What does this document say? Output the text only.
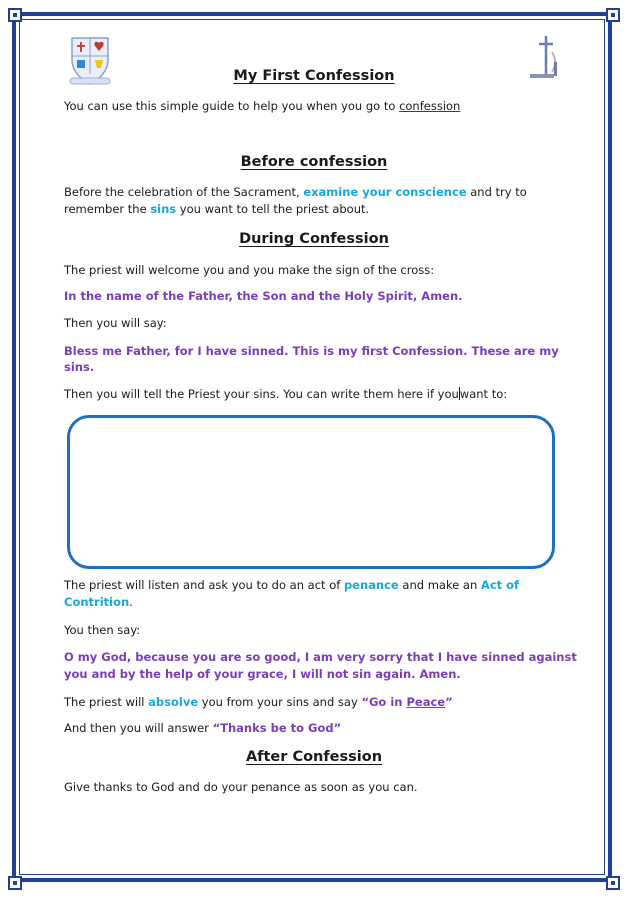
My First Confession
You can use this simple guide to help you when you go to confession
Before confession
Before the celebration of the Sacrament, examine your conscience and try to
remember the sins you want to tell the priest about.
During Confession
The priest will welcome you and you make the sign of the cross:
In the name of the Father, the Son and the Holy Spirit, Amen.
Then you will say:
Bless me Father, for I have sinned. This is my first Confession. These are my
sins.
Then you will tell the Priest your sins. You can write them here if youwant to:
The priest will listen and ask you to do an act of penance and make an Act of
Contrition.
You then say:
O my God, because you are so good, I am very sorry that I have sinned against
you and by the help of your grace, I will not sin again. Amen.
The priest will absolve you from your sins and say “Go in Peace”
And then you will answer “Thanks be to God”
After Confession
Give thanks to God and do your penance as soon as you can.
